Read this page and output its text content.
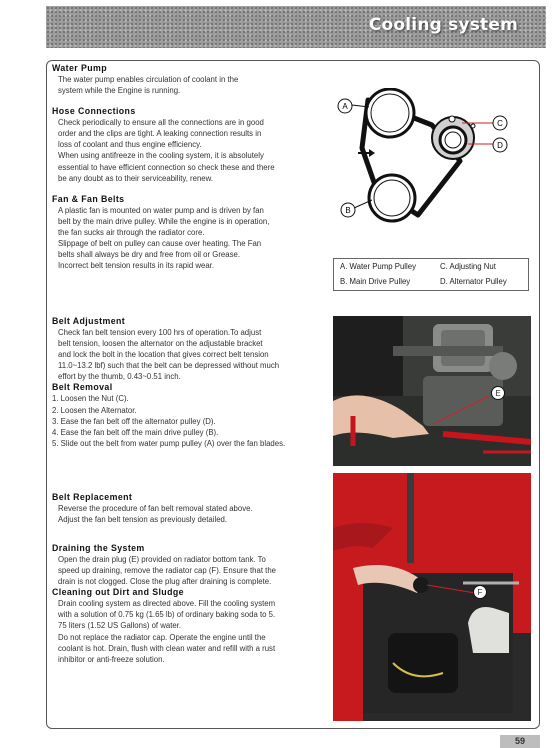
Cooling system
Water Pump
The water pump enables circulation of coolant in the
system while the Engine is running.
Hose Connections
Check periodically to ensure all the connections are in good
order and the clips are tight. A leaking connection results in
loss of coolant and thus engine efficiency.
When using antifreeze in the cooling system, it is absolutely
essential to have efficient connection so check these and there
be any doubt as to their serviceability, renew.
Fan & Fan Belts
A plastic fan is mounted on water pump and is driven by fan
belt by the main drive pulley. While the engine is in operation,
the fan sucks air through the radiator core.
Slippage of belt on pulley can cause over heating. The Fan
belts shall always be dry and free from oil or Grease.
Incorrect belt tension results in its rapid wear.
Belt Adjustment
Check fan belt tension every 100 hrs of operation.To adjust
belt tension, loosen the alternator on the adjustable bracket
and lock the bolt in the location that gives correct belt tension
11.0~13.2 lbf) such that the belt can be depressed without much
effort by the thumb, 0.43~0.51 inch.
Belt Removal
1. Loosen the Nut (C).
2. Loosen the Alternator.
3. Ease the fan belt off the alternator pulley (D).
4. Ease the fan belt off the main drive pulley (B).
5. Slide out the belt from water pump pulley (A) over the fan blades.
Belt Replacement
Reverse the procedure of fan belt removal stated above.
Adjust the fan belt tension as previously detailed.
Draining the System
Open the drain plug (E) provided on radiator bottom tank. To
speed up draining, remove the radiator cap (F). Ensure that the
drain is not clogged. Close the plug after draining is complete.
Cleaning out Dirt and Sludge
Drain cooling system as directed above. Fill the cooling system
with a solution of 0.75 kg (1.65 lb) of ordinary baking soda to 5.
75 liters (1.52 US Gallons) of water.
Do not replace the radiator cap. Operate the engine until the
coolant is hot. Drain, flush with clean water and refill with a rust
inhibitor or anti-freeze solution.
A
C
D
B
A. Water Pump Pulley	C. Adjusting Nut
B. Main Drive Pulley	D. Alternator Pulley
E
F
59
